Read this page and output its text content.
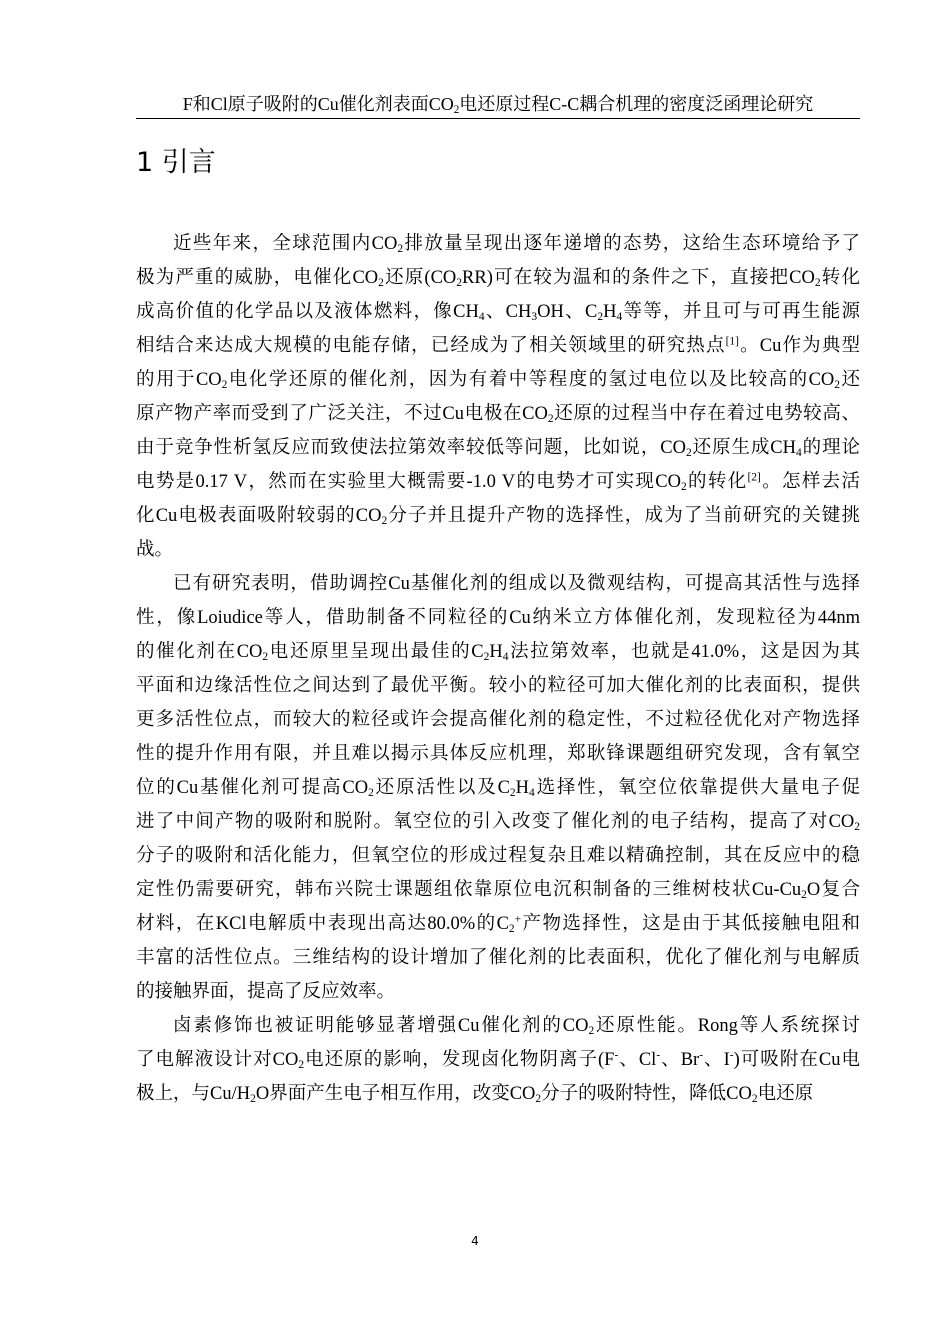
F和Cl原子吸附的Cu催化剂表面$CO_2$电还原过程C-C耦合机理的密度泛函理论研究
1 引言
近些年来，全球范围内$CO_2$排放量呈现出逐年递增的态势，这给生态环境给予了
极为严重的威胁，电催化$CO_2$还原$(CO_2RR)$可在较为温和的条件之下，直接把$CO_2$转化
成高价值的化学品以及液体燃料，像$CH_4$、$CH_3OH$、$C_2H_4$等等，并且可与可再生能源
相结合来达成大规模的电能存储，已经成为了相关领域里的研究热点[1]。Cu作为典型
的用于$CO_2$电化学还原的催化剂，因为有着中等程度的氢过电位以及比较高的$CO_2$还
原产物产率而受到了广泛关注，不过Cu电极在$CO_2$还原的过程当中存在着过电势较高、
由于竞争性析氢反应而致使法拉第效率较低等问题，比如说，$CO_2$还原生成$CH_4$的理论
电势是0.17 V，然而在实验里大概需要-1.0 V的电势才可实现$CO_2$的转化[2]。怎样去活
化Cu电极表面吸附较弱的$CO_2$分子并且提升产物的选择性，成为了当前研究的关键挑
战。
已有研究表明，借助调控Cu基催化剂的组成以及微观结构，可提高其活性与选择
性，像Loiudice等人，借助制备不同粒径的Cu纳米立方体催化剂，发现粒径为44nm
的催化剂在$CO_2$电还原里呈现出最佳的$C_2H_4$法拉第效率，也就是41.0%，这是因为其
平面和边缘活性位之间达到了最优平衡。较小的粒径可加大催化剂的比表面积，提供
更多活性位点，而较大的粒径或许会提高催化剂的稳定性，不过粒径优化对产物选择
性的提升作用有限，并且难以揭示具体反应机理，郑耿锋课题组研究发现，含有氧空
位的Cu基催化剂可提高$CO_2$还原活性以及$C_2H_4$选择性，氧空位依靠提供大量电子促
进了中间产物的吸附和脱附。氧空位的引入改变了催化剂的电子结构，提高了对$CO_2$
分子的吸附和活化能力，但氧空位的形成过程复杂且难以精确控制，其在反应中的稳
定性仍需要研究，韩布兴院士课题组依靠原位电沉积制备的三维树枝状$Cu-Cu_2O$复合
材料，在KCl电解质中表现出高达80.0%的$C_2^+$产物选择性，这是由于其低接触电阻和
丰富的活性位点。三维结构的设计增加了催化剂的比表面积，优化了催化剂与电解质
的接触界面，提高了反应效率。
卤素修饰也被证明能够显著增强Cu催化剂的$CO_2$还原性能。Rong等人系统探讨
了电解液设计对$CO_2$电还原的影响，发现卤化物阴离子(F-、Cl-、Br-、I-)可吸附在Cu电
极上，与$Cu/H_2O$界面产生电子相互作用，改变$CO_2$分子的吸附特性，降低$CO_2$电还原
4
